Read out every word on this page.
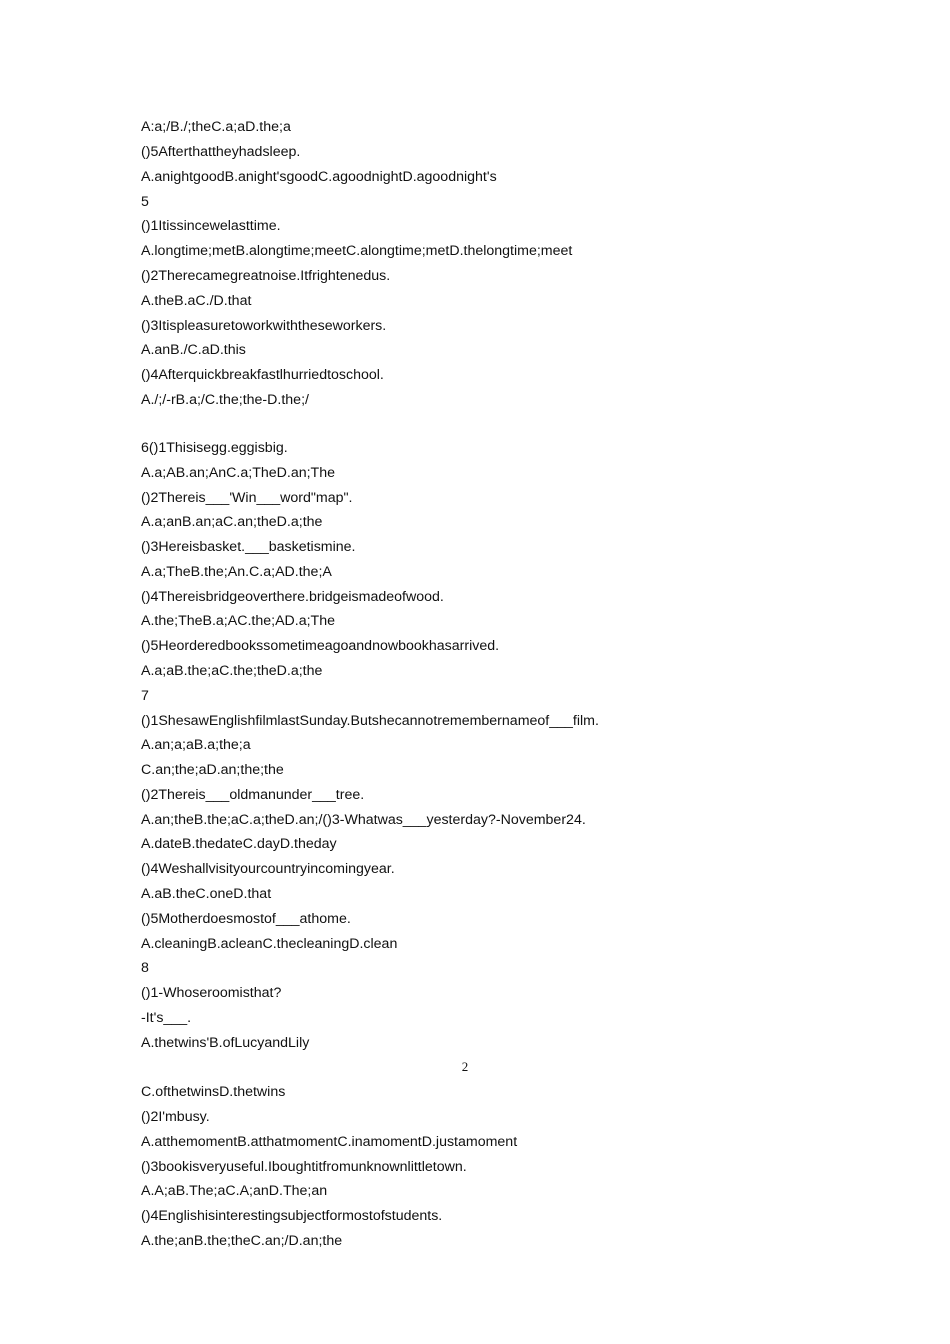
A:a;/B./;theC.a;aD.the;a
()5Afterthattheyhadsleep.
A.anightgoodB.anight'sgoodC.agoodnightD.agoodnight's
5
()1Itissincewelasttime.
A.longtime;metB.alongtime;meetC.alongtime;metD.thelongtime;meet
()2Therecamegreatnoise.Itfrightenedus.
A.theB.aC./D.that
()3Itispleasuretoworkwiththeseworkers.
A.anB./C.aD.this
()4Afterquickbreakfastlhurriedtoschool.
A./;/-rB.a;/C.the;the-D.the;/
6()1Thisisegg.eggisbig.
A.a;AB.an;AnC.a;TheD.an;The
()2Thereis___'Win___word"map".
A.a;anB.an;aC.an;theD.a;the
()3Hereisbasket.___basketismine.
A.a;TheB.the;An.C.a;AD.the;A
()4Thereisbridgeoverthere.bridgeismadeofwood.
A.the;TheB.a;AC.the;AD.a;The
()5Heorderedbookssometimeagoandnowbookhasarrived.
A.a;aB.the;aC.the;theD.a;the
7
()1ShesawEnglishfilmlastSunday.Butshecannotremembernameof___film.
A.an;a;aB.a;the;a
C.an;the;aD.an;the;the
()2Thereis___oldmanunder___tree.
A.an;theB.the;aC.a;theD.an;/()3-Whatwas___yesterday?-November24.
A.dateB.thedateC.dayD.theday
()4Weshallvisityourcountryincomingyear.
A.aB.theC.oneD.that
()5Motherdoesmostof___athome.
A.cleaningB.acleanC.thecleaningD.clean
8
()1-Whoseroomisthat?
-It's___.
A.thetwins'B.ofLucyandLily
2
C.ofthetwinsD.thetwins
()2I'mbusy.
A.atthemomentB.atthatmomentC.inamomentD.justamoment
()3bookisveryuseful.Iboughtitfromunknownlittletown.
A.A;aB.The;aC.A;anD.The;an
()4Englishisinterestingsubjectformostofstudents.
A.the;anB.the;theC.an;/D.an;the
